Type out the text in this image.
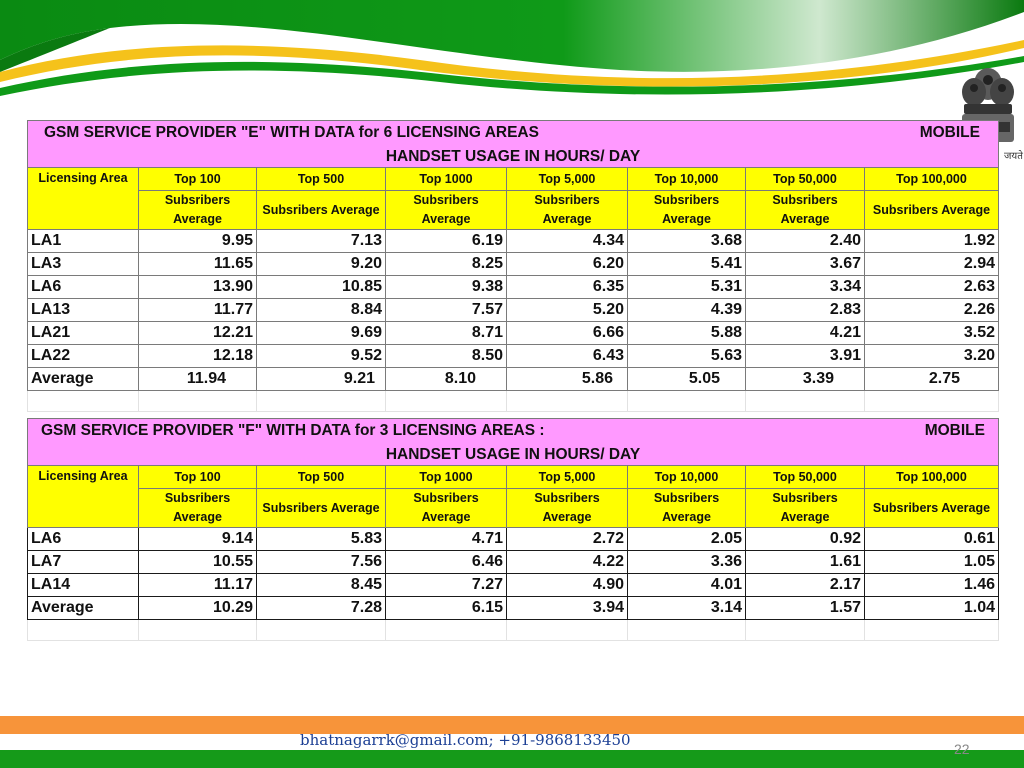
जयते
GSM SERVICE PROVIDER "E" WITH DATA for 6 LICENSING AREAS MOBILE
HANDSET USAGE IN HOURS/ DAY							

Licensing Area	Top 100	Top 500	Top 1000	Top 5,000	Top 10,000	Top 50,000	Top 100,000
	Subsribers Average	Subsribers Average	Subsribers Average	Subsribers Average	Subsribers Average	Subsribers Average	Subsribers Average
LA1	9.95	7.13	6.19	4.34	3.68	2.40	1.92
LA3	11.65	9.20	8.25	6.20	5.41	3.67	2.94
LA6	13.90	10.85	9.38	6.35	5.31	3.34	2.63
LA13	11.77	8.84	7.57	5.20	4.39	2.83	2.26
LA21	12.21	9.69	8.71	6.66	5.88	4.21	3.52
LA22	12.18	9.52	8.50	6.43	5.63	3.91	3.20
Average	11.94	9.21	8.10	5.86	5.05	3.39	2.75

GSM SERVICE PROVIDER "F" WITH DATA for 3 LICENSING AREAS : MOBILE
HANDSET USAGE IN HOURS/ DAY							

Licensing Area	Top 100	Top 500	Top 1000	Top 5,000	Top 10,000	Top 50,000	Top 100,000
	Subsribers Average	Subsribers Average	Subsribers Average	Subsribers Average	Subsribers Average	Subsribers Average	Subsribers Average
LA6	9.14	5.83	4.71	2.72	2.05	0.92	0.61
LA7	10.55	7.56	6.46	4.22	3.36	1.61	1.05
LA14	11.17	8.45	7.27	4.90	4.01	2.17	1.46
Average	10.29	7.28	6.15	3.94	3.14	1.57	1.04

bhatnagarrk@gmail.com; +91-9868133450	22
